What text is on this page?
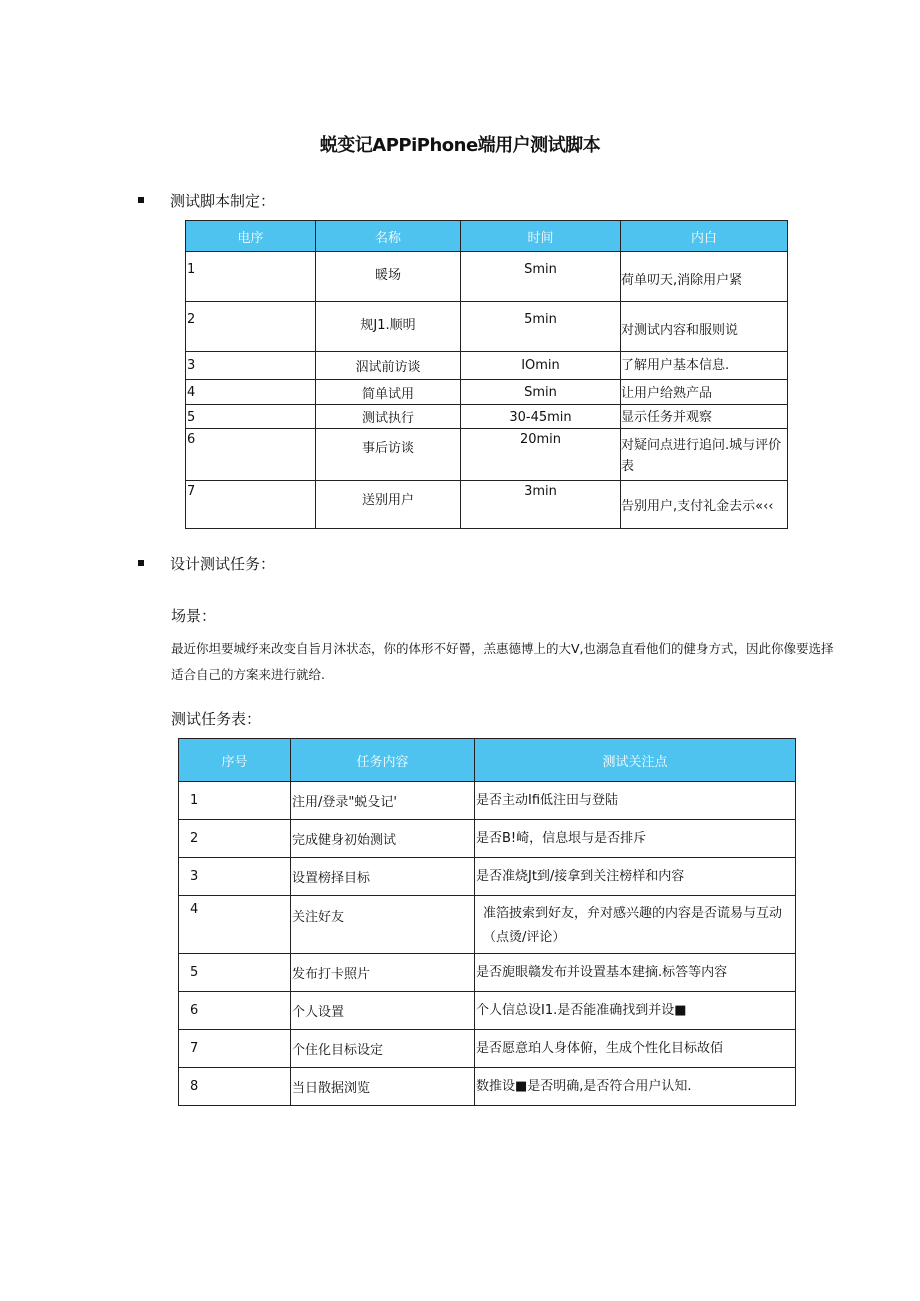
蜕变记APPiPhone端用户测试脚本
测试脚本制定：
电序	名称	时间	内白
1	暖场	Smin	荷单叨天,消除用户紧
2	规J1.顺明	5min	对测试内容和服则说
3	泅试前访谈	IOmin	了解用户基本信息.
4	简单试用	Smin	让用户给熟产品
5	测试执行	30-45min	显示任务并观察
6	事后访谈	20min	对疑问点进行追问.城与评价表
7	送别用户	3min	告别用户,支付礼金去示«‹‹
设计测试任务：
场景：
最近你坦要城纾来改变自旨月沐状态，你的体形不好罾，羔惠德博上的大V,也溺急直看他们的健身方式，因此你像要选择适合自己的方案来进行就给.
测试任务表：
序号	任务内容	测试关注点
1	注用/登录"蜕殳记'	是否主动Ifi低注田与登陆
2	完成健身初始测试	是否B!崎，信息垠与是否排斥
3	设置榜择目标	是否准烧Jt到/接拿到关注榜样和内容
4	关注好友	准箔披索到好友，弁对感兴趣的内容是否谎易与互动（点烫/评论）
5	发布打卡照片	是否旎眼赣发布并设置基本建摘.标答等内容
6	个人设置	个人信总设I1.是否能准确找到并设■
7	个住化目标设定	是否愿意珀人身体俯，生成个性化目标故佰
8	当日散据浏览	数推设■是否明确,是否符合用户认知.
